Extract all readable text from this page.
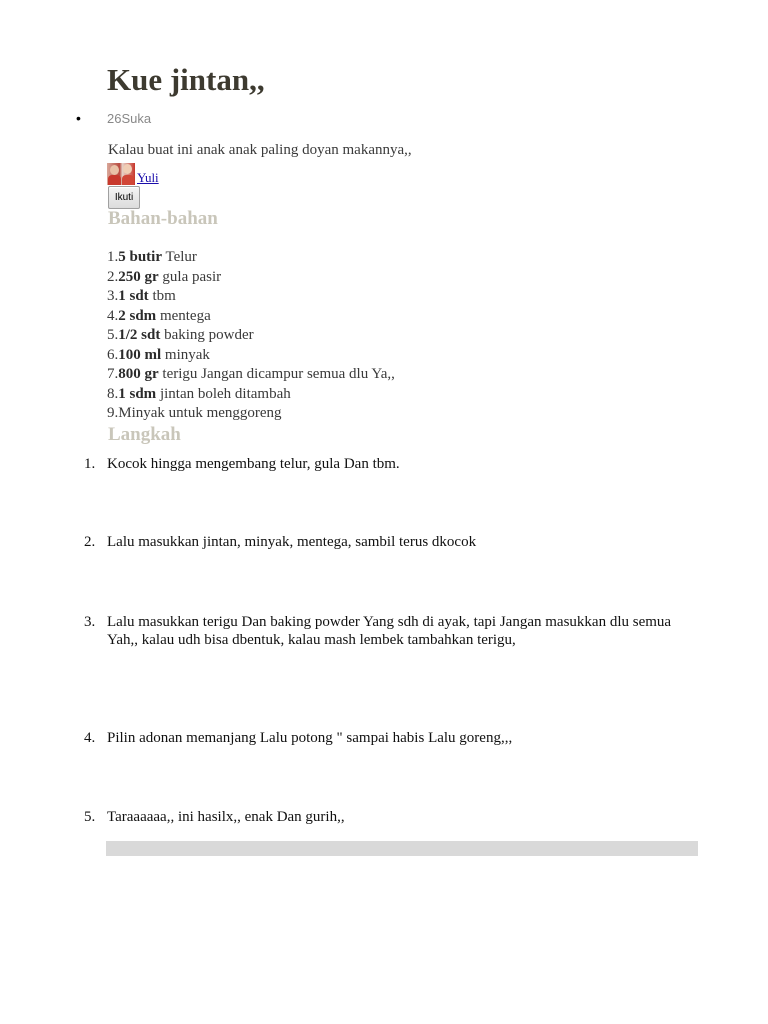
Kue jintan,,
• 26Suka
Kalau buat ini anak anak paling doyan makannya,,
Yuli
Ikuti
Bahan-bahan
1.5 butir Telur
2.250 gr gula pasir
3.1 sdt tbm
4.2 sdm mentega
5.1/2 sdt baking powder
6.100 ml minyak
7.800 gr terigu Jangan dicampur semua dlu Ya,,
8.1 sdm jintan boleh ditambah
9.Minyak untuk menggoreng
Langkah
1. Kocok hingga mengembang telur, gula Dan tbm.
2. Lalu masukkan jintan, minyak, mentega, sambil terus dkocok
3. Lalu masukkan terigu Dan baking powder Yang sdh di ayak, tapi Jangan masukkan dlu semua Yah,, kalau udh bisa dbentuk, kalau mash lembek tambahkan terigu,
4. Pilin adonan memanjang Lalu potong " sampai habis Lalu goreng,,,
5. Taraaaaaa,, ini hasilx,, enak Dan gurih,,
